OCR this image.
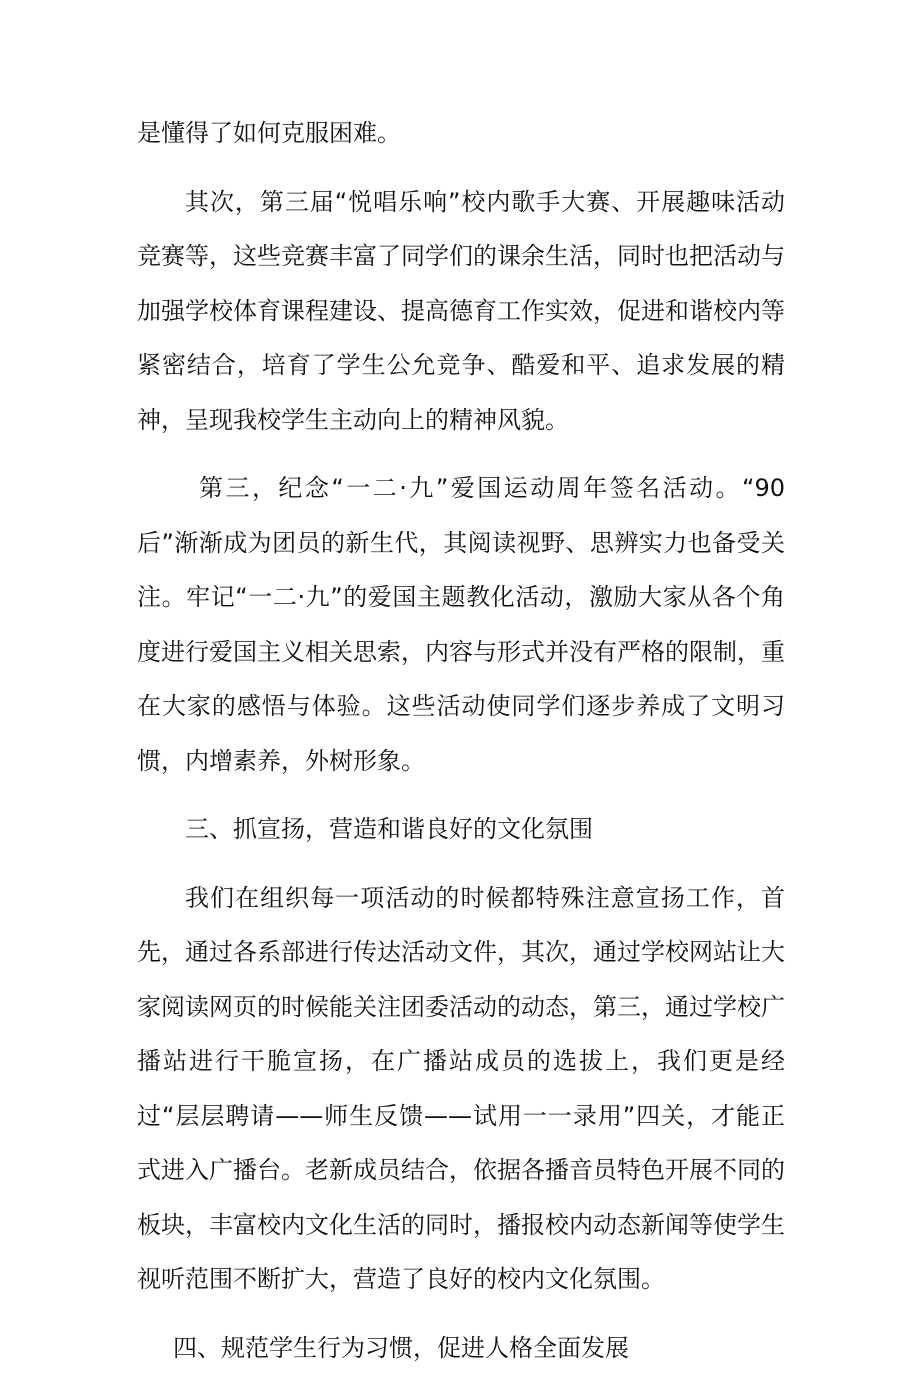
是懂得了如何克服困难。

其次，第三届“悦唱乐响”校内歌手大赛、开展趣味活动竞赛等，这些竞赛丰富了同学们的课余生活，同时也把活动与加强学校体育课程建设、提高德育工作实效，促进和谐校内等紧密结合，培育了学生公允竞争、酷爱和平、追求发展的精神，呈现我校学生主动向上的精神风貌。

第三，纪念“一二·九”爱国运动周年签名活动。“90后”渐渐成为团员的新生代，其阅读视野、思辨实力也备受关注。牢记“一二·九”的爱国主题教化活动，激励大家从各个角度进行爱国主义相关思索，内容与形式并没有严格的限制，重在大家的感悟与体验。这些活动使同学们逐步养成了文明习惯，内增素养，外树形象。

三、抓宣扬，营造和谐良好的文化氛围

我们在组织每一项活动的时候都特殊注意宣扬工作，首先，通过各系部进行传达活动文件，其次，通过学校网站让大家阅读网页的时候能关注团委活动的动态，第三，通过学校广播站进行干脆宣扬，在广播站成员的选拔上，我们更是经过“层层聘请——师生反馈——试用一一录用”四关，才能正式进入广播台。老新成员结合，依据各播音员特色开展不同的板块，丰富校内文化生活的同时，播报校内动态新闻等使学生视听范围不断扩大，营造了良好的校内文化氛围。

四、规范学生行为习惯，促进人格全面发展
